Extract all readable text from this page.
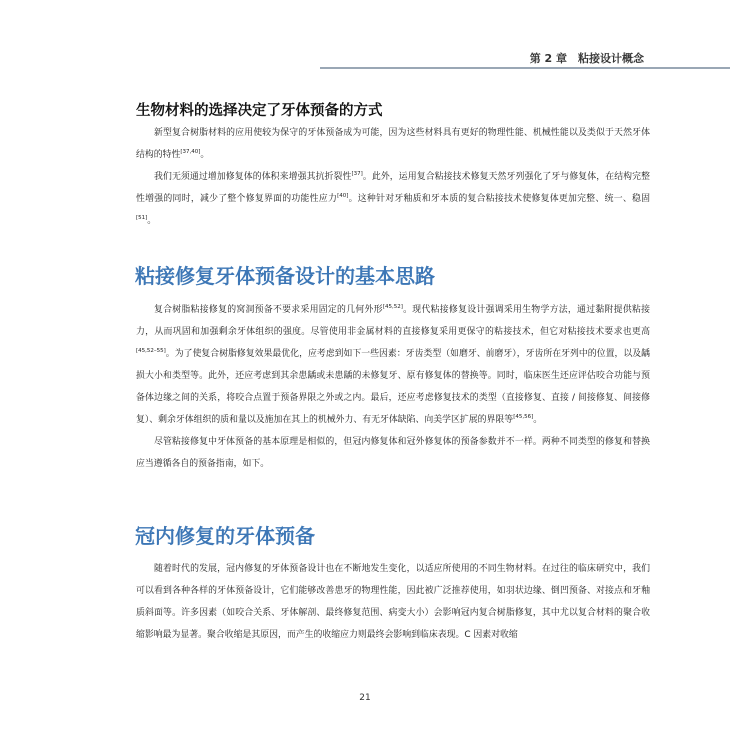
第 2 章　粘接设计概念
生物材料的选择决定了牙体预备的方式

新型复合树脂材料的应用使较为保守的牙体预备成为可能，因为这些材料具有更好的物理性能、机械性能以及类似于天然牙体结构的特性[37,40]。

我们无须通过增加修复体的体积来增强其抗折裂性[37]。此外，运用复合粘接技术修复天然牙列强化了牙与修复体，在结构完整性增强的同时，减少了整个修复界面的功能性应力[40]。这种针对牙釉质和牙本质的复合粘接技术使修复体更加完整、统一、稳固[51]。

粘接修复牙体预备设计的基本思路

复合树脂粘接修复的窝洞预备不要求采用固定的几何外形[45,52]。现代粘接修复设计强调采用生物学方法，通过黏附提供粘接力，从而巩固和加强剩余牙体组织的强度。尽管使用非金属材料的直接修复采用更保守的粘接技术，但它对粘接技术要求也更高[45,52–55]。为了使复合树脂修复效果最优化，应考虑到如下一些因素：牙齿类型（如磨牙、前磨牙），牙齿所在牙列中的位置，以及龋损大小和类型等。此外，还应考虑到其余患龋或未患龋的未修复牙、原有修复体的替换等。同时，临床医生还应评估咬合功能与预备体边缘之间的关系，将咬合点置于预备界限之外或之内。最后，还应考虑修复技术的类型（直接修复、直接 / 间接修复、间接修复）、剩余牙体组织的质和量以及施加在其上的机械外力、有无牙体缺陷、向美学区扩展的界限等[45,56]。

尽管粘接修复中牙体预备的基本原理是相似的，但冠内修复体和冠外修复体的预备参数并不一样。两种不同类型的修复和替换应当遵循各自的预备指南，如下。

冠内修复的牙体预备

随着时代的发展，冠内修复的牙体预备设计也在不断地发生变化，以适应所使用的不同生物材料。在过往的临床研究中，我们可以看到各种各样的牙体预备设计，它们能够改善患牙的物理性能，因此被广泛推荐使用，如羽状边缘、倒凹预备、对接点和牙釉质斜面等。许多因素（如咬合关系、牙体解剖、最终修复范围、病变大小）会影响冠内复合树脂修复，其中尤以复合材料的聚合收缩影响最为显著。聚合收缩是其原因，而产生的收缩应力则最终会影响到临床表现。C 因素对收缩

21
